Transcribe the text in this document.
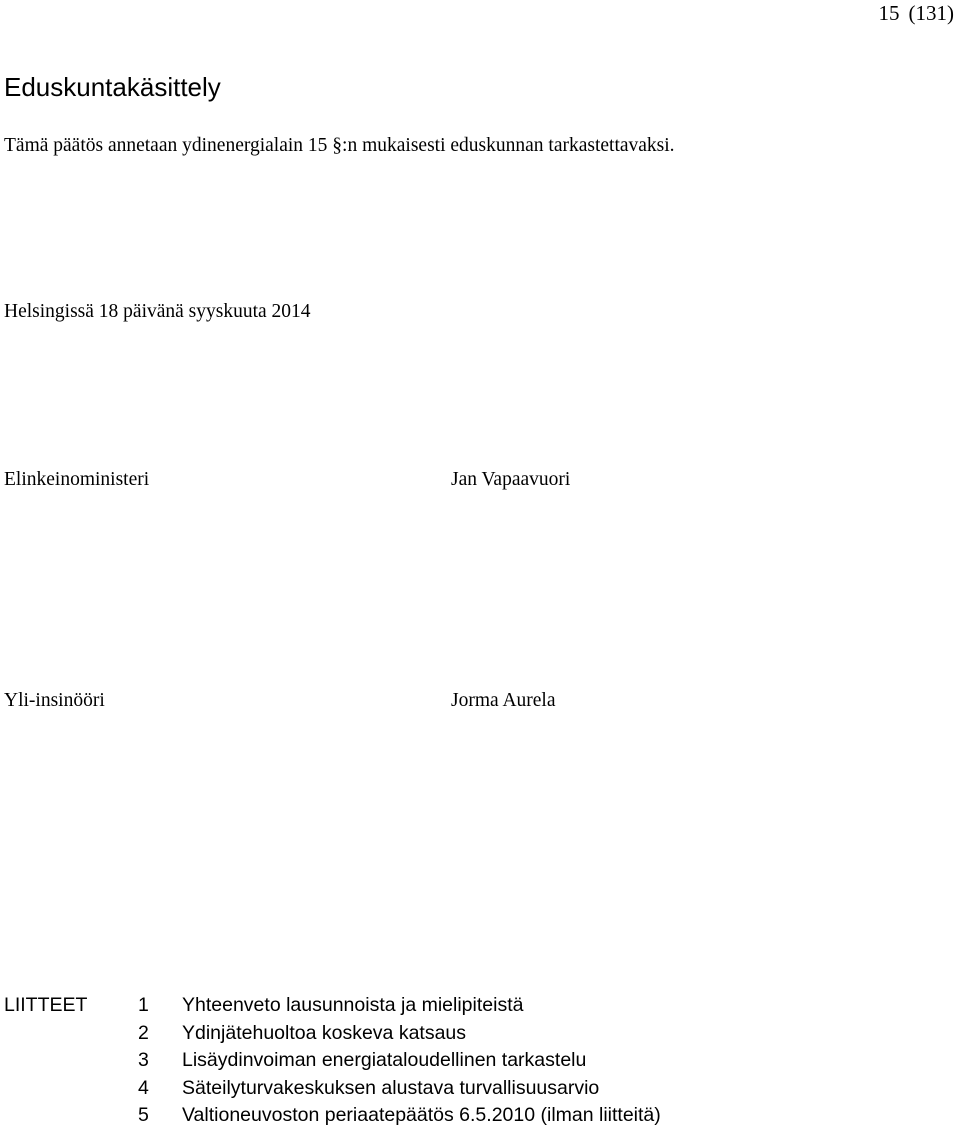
15 (131)
Eduskuntakäsittely
Tämä päätös annetaan ydinenergialain 15 §:n mukaisesti eduskunnan tarkastettavaksi.
Helsingissä 18 päivänä syyskuuta 2014
Elinkeinoministeri	Jan Vapaavuori
Yli-insinööri	Jorma Aurela
LIITTEET	1	Yhteenveto lausunnoista ja mielipiteistä
2	Ydinjätehuoltoa koskeva katsaus
3	Lisäydinvoiman energiataloudellinen tarkastelu
4	Säteilyturvakeskuksen alustava turvallisuusarvio
5	Valtioneuvoston periaatepäätös 6.5.2010 (ilman liitteitä)
